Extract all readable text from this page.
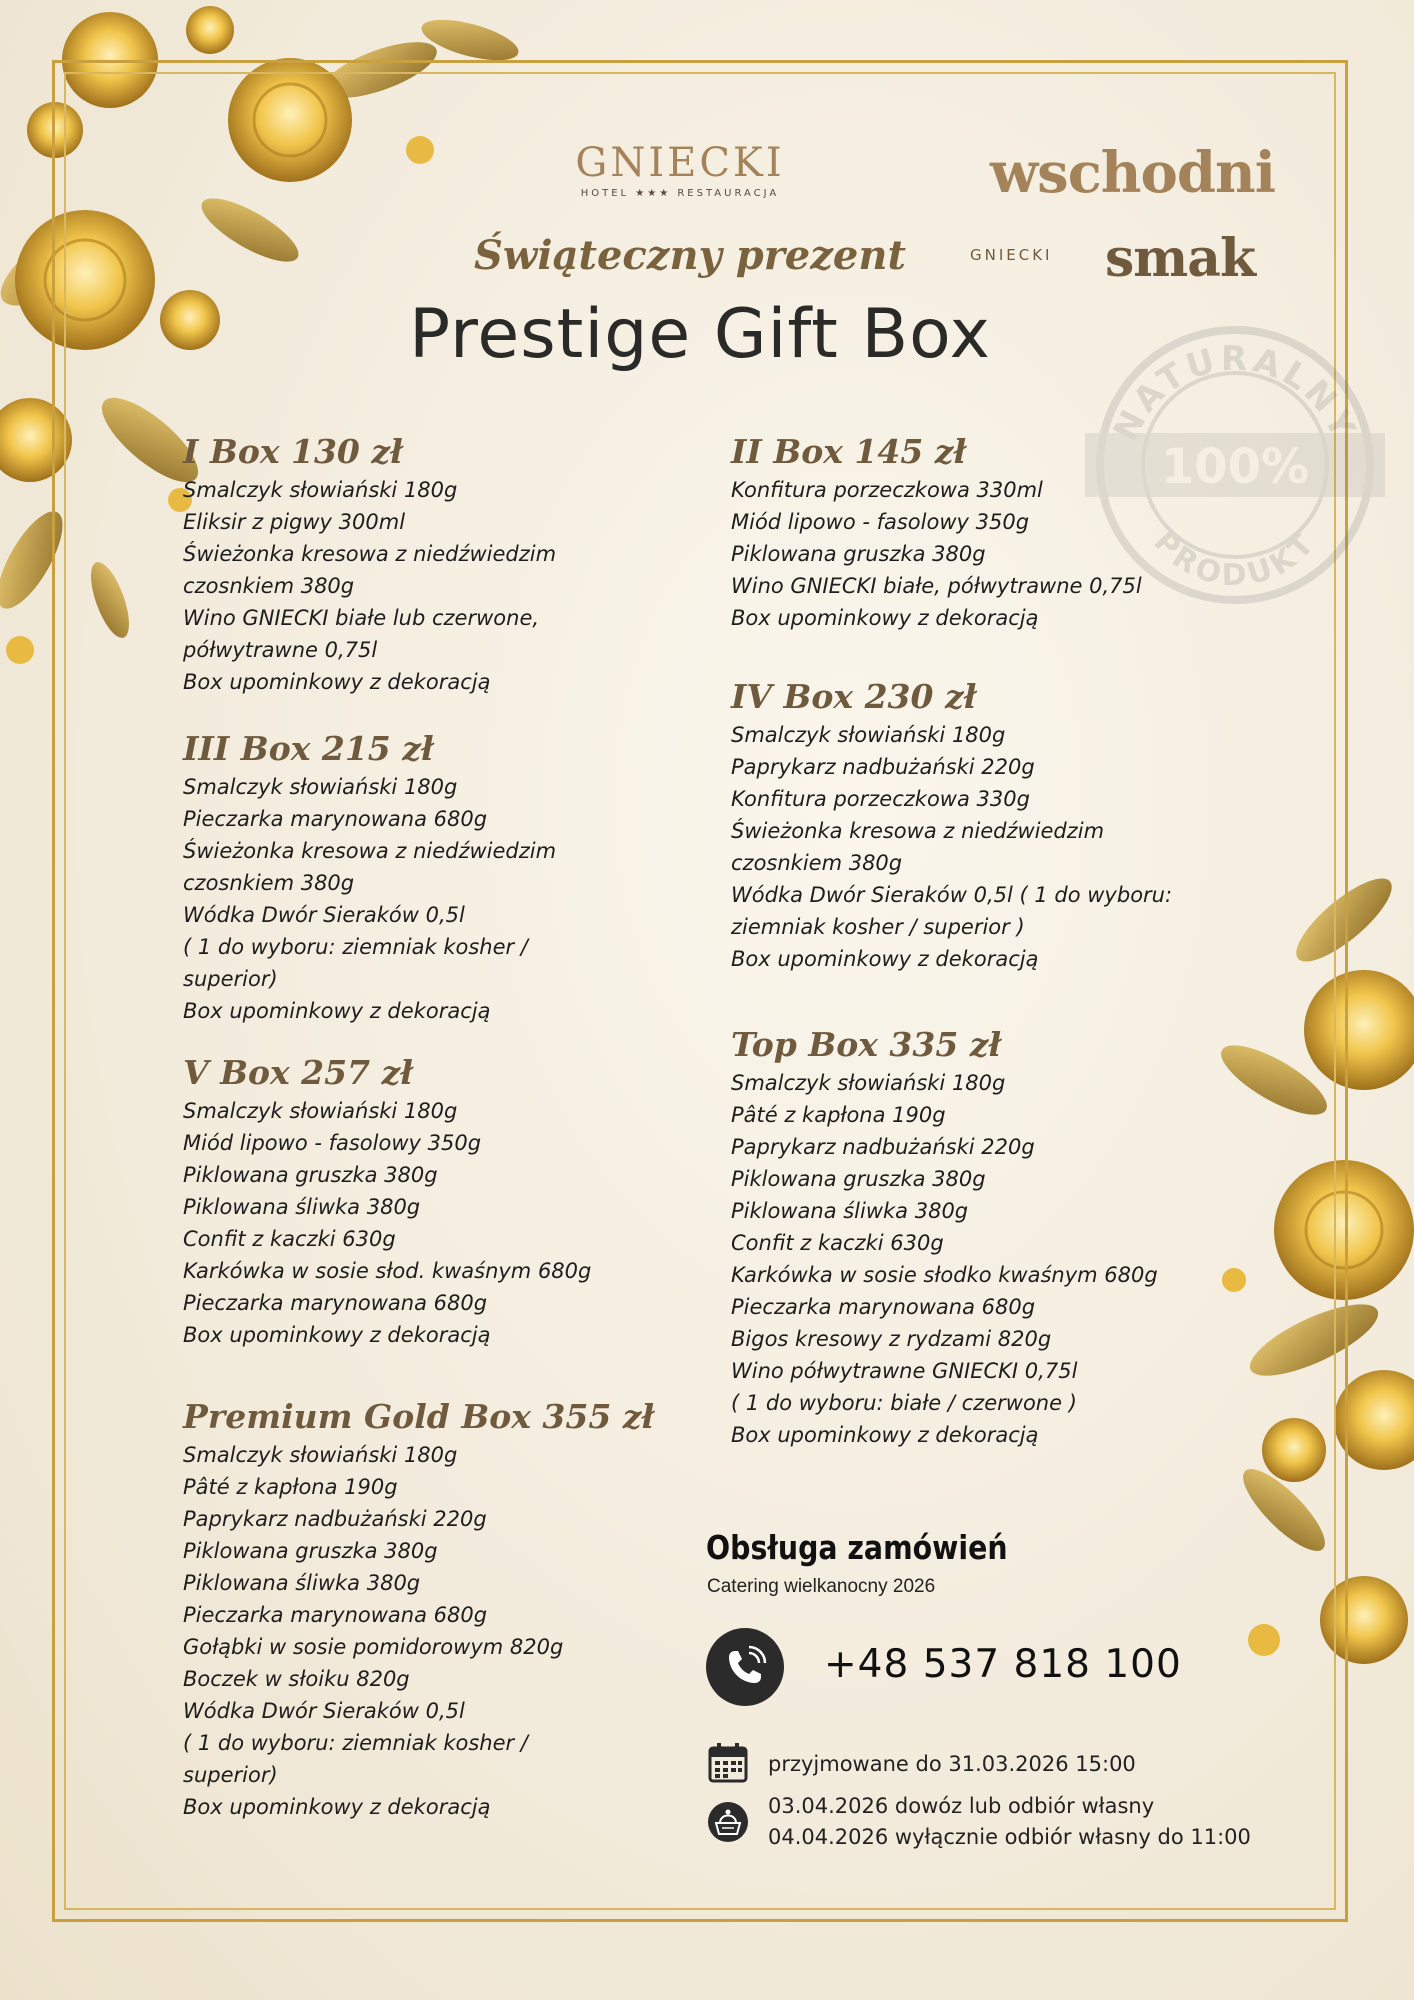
NATURALNY
PRODUKT
100%
GNIECKI
HOTEL ★★★ RESTAURACJA	wschodni
GNIECKI smak
Świąteczny prezent
Prestige Gift Box
I Box 130 zł
Smalczyk słowiański 180g
Eliksir z pigwy 300ml
Świeżonka kresowa z niedźwiedzim
czosnkiem 380g
Wino GNIECKI białe lub czerwone,
półwytrawne 0,75l
Box upominkowy z dekoracją
II Box 145 zł
Konfitura porzeczkowa 330ml
Miód lipowo - fasolowy 350g
Piklowana gruszka 380g
Wino GNIECKI białe, półwytrawne 0,75l
Box upominkowy z dekoracją
III Box 215 zł
Smalczyk słowiański 180g
Pieczarka marynowana 680g
Świeżonka kresowa z niedźwiedzim
czosnkiem 380g
Wódka Dwór Sieraków 0,5l
( 1 do wyboru: ziemniak kosher /
superior)
Box upominkowy z dekoracją
IV Box 230 zł
Smalczyk słowiański 180g
Paprykarz nadbużański 220g
Konfitura porzeczkowa 330g
Świeżonka kresowa z niedźwiedzim
czosnkiem 380g
Wódka Dwór Sieraków 0,5l ( 1 do wyboru:
ziemniak kosher / superior )
Box upominkowy z dekoracją
V Box 257 zł
Smalczyk słowiański 180g
Miód lipowo - fasolowy 350g
Piklowana gruszka 380g
Piklowana śliwka 380g
Confit z kaczki 630g
Karkówka w sosie słod. kwaśnym 680g
Pieczarka marynowana 680g
Box upominkowy z dekoracją
Top Box 335 zł
Smalczyk słowiański 180g
Pâté z kapłona 190g
Paprykarz nadbużański 220g
Piklowana gruszka 380g
Piklowana śliwka 380g
Confit z kaczki 630g
Karkówka w sosie słodko kwaśnym 680g
Pieczarka marynowana 680g
Bigos kresowy z rydzami 820g
Wino półwytrawne GNIECKI 0,75l
( 1 do wyboru: białe / czerwone )
Box upominkowy z dekoracją
Premium Gold Box 355 zł
Smalczyk słowiański 180g
Pâté z kapłona 190g
Paprykarz nadbużański 220g
Piklowana gruszka 380g
Piklowana śliwka 380g
Pieczarka marynowana 680g
Gołąbki w sosie pomidorowym 820g
Boczek w słoiku 820g
Wódka Dwór Sieraków 0,5l
( 1 do wyboru: ziemniak kosher /
superior)
Box upominkowy z dekoracją
Obsługa zamówień
Catering wielkanocny 2026
+48 537 818 100
przyjmowane do 31.03.2026 15:00
03.04.2026 dowóz lub odbiór własny
04.04.2026 wyłącznie odbiór własny do 11:00
